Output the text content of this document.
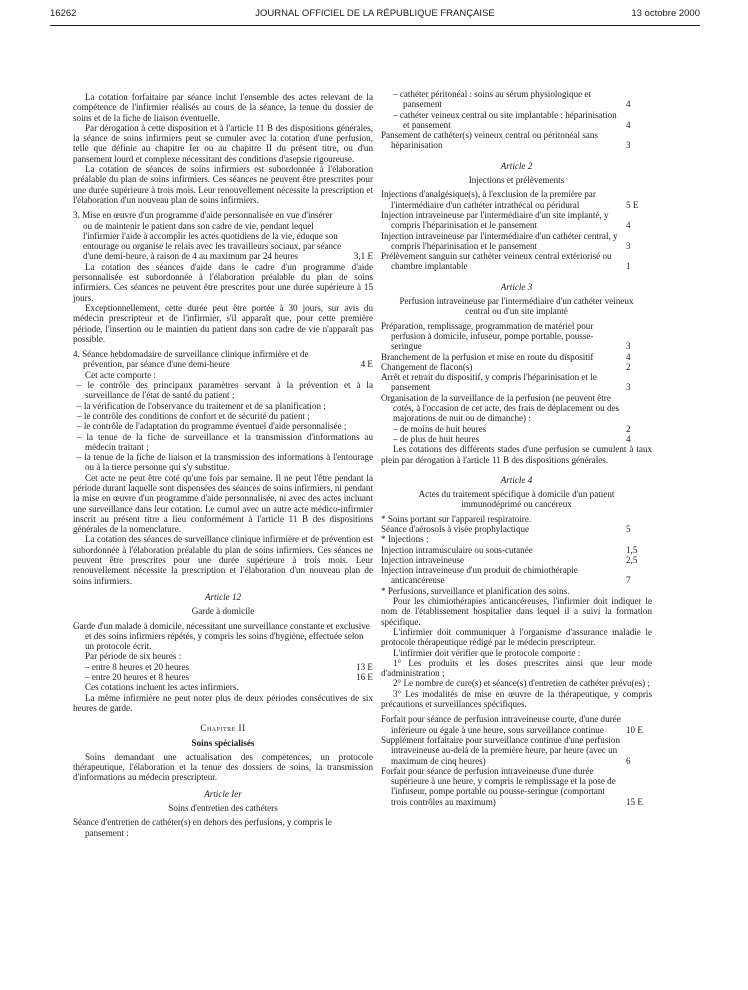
16262	JOURNAL OFFICIEL DE LA RÉPUBLIQUE FRANÇAISE	13 octobre 2000

La cotation forfaitaire par séance inclut l'ensemble des actes relevant de la compétence de l'infirmier réalisés au cours de la séance, la tenue du dossier de soins et de la fiche de liaison éventuelle.

Par dérogation à cette disposition et à l'article 11 B des dispositions générales, la séance de soins infirmiers peut se cumuler avec la cotation d'une perfusion, telle que définie au chapitre Ier ou au chapitre II du présent titre, ou d'un pansement lourd et complexe nécessitant des conditions d'asepsie rigoureuse.

La cotation de séances de soins infirmiers est subordonnée à l'élaboration préalable du plan de soins infirmiers. Ces séances ne peuvent être prescrites pour une durée supérieure à trois mois. Leur renouvellement nécessite la prescription et l'élaboration d'un nouveau plan de soins infirmiers.

3. Mise en œuvre d'un programme d'aide personnalisée en vue d'insérer ou de maintenir le patient dans son cadre de vie, pendant lequel l'infirmier l'aide à accomplir les actes quotidiens de la vie, éduque son entourage ou organise le relais avec les travailleurs sociaux, par séance d'une demi-heure, à raison de 4 au maximum par 24 heures	3,1 E

La cotation des séances d'aide dans le cadre d'un programme d'aide personnalisée est subordonnée à l'élaboration préalable du plan de soins infirmiers. Ces séances ne peuvent être prescrites pour une durée supérieure à 15 jours.

Exceptionnellement, cette durée peut être portée à 30 jours, sur avis du médecin prescripteur et de l'infirmier, s'il apparaît que, pour cette première période, l'insertion ou le maintien du patient dans son cadre de vie n'apparaît pas possible.

4. Séance hebdomadaire de surveillance clinique infirmière et de prévention, par séance d'une demi-heure	4 E

Cet acte comporte :

– le contrôle des principaux paramètres servant à la prévention et à la surveillance de l'état de santé du patient ;

– la vérification de l'observance du traitement et de sa planification ;

– le contrôle des conditions de confort et de sécurité du patient ;

– le contrôle de l'adaptation du programme éventuel d'aide personnalisée ;

– la tenue de la fiche de surveillance et la transmission d'informations au médecin traitant ;

– la tenue de la fiche de liaison et la transmission des informations à l'entourage ou à la tierce personne qui s'y substitue.

Cet acte ne peut être coté qu'une fois par semaine. Il ne peut l'être pendant la période durant laquelle sont dispensées des séances de soins infirmiers, ni pendant la mise en œuvre d'un programme d'aide personnalisée, ni avec des actes incluant une surveillance dans leur cotation. Le cumul avec un autre acte médico-infirmier inscrit au présent titre a lieu conformément à l'article 11 B des dispositions générales de la nomenclature.

La cotation des séances de surveillance clinique infirmière et de prévention est subordonnée à l'élaboration préalable du plan de soins infirmiers. Ces séances ne peuvent être prescrites pour une durée supérieure à trois mois. Leur renouvellement nécessite la prescription et l'élaboration d'un nouveau plan de soins infirmiers.

Article 12
Garde à domicile

Garde d'un malade à domicile, nécessitant une surveillance constante et exclusive et des soins infirmiers répétés, y compris les soins d'hygiène, effectuée selon un protocole écrit.

Par période de six heures :

– entre 8 heures et 20 heures	13 E
– entre 20 heures et 8 heures	16 E

Ces cotations incluent les actes infirmiers.

La même infirmière ne peut noter plus de deux périodes consécutives de six heures de garde.

Chapitre II
Soins spécialisés

Soins demandant une actualisation des compétences, un protocole thérapeutique, l'élaboration et la tenue des dossiers de soins, la transmission d'informations au médecin prescripteur.

Article Ier
Soins d'entretien des cathéters

Séance d'entretien de cathéter(s) en dehors des perfusions, y compris le pansement :

– cathéter péritonéal : soins au sérum physiologique et pansement	4
– cathéter veineux central ou site implantable : héparinisation et pansement	4
Pansement de cathéter(s) veineux central ou péritonéal sans héparinisation	3
Article 2
Injections et prélèvements
Injections d'analgésique(s), à l'exclusion de la première par l'intermédiaire d'un cathéter intrathécal ou péridural	5 E
Injection intraveineuse par l'intermédiaire d'un site implanté, y compris l'héparinisation et le pansement	4
Injection intraveineuse par l'intermédiaire d'un cathéter central, y compris l'héparinisation et le pansement	3
Prélèvement sanguin sur cathéter veineux central extériorisé ou chambre implantable	1
Article 3
Perfusion intraveineuse par l'intermédiaire d'un cathéter veineux central ou d'un site implanté
Préparation, remplissage, programmation de matériel pour perfusion à domicile, infuseur, pompe portable, pousse-seringue	3
Branchement de la perfusion et mise en route du dispositif	4
Changement de flacon(s)	2
Arrêt et retrait du dispositif, y compris l'héparinisation et le pansement	3

Organisation de la surveillance de la perfusion (ne peuvent être cotés, à l'occasion de cet acte, des frais de déplacement ou des majorations de nuit ou de dimanche) :

– de moins de huit heures	2
– de plus de huit heures	4

Les cotations des différents stades d'une perfusion se cumulent à taux plein par dérogation à l'article 11 B des dispositions générales.

Article 4
Actes du traitement spécifique à domicile d'un patient immunodéprimé ou cancéreux

* Soins portant sur l'appareil respiratoire.

Séance d'aérosols à visée prophylactique	5

* Injections :

Injection intramusculaire ou sous-cutanée	1,5
Injection intraveineuse	2,5
Injection intraveineuse d'un produit de chimiothérapie anticancéreuse	7

* Perfusions, surveillance et planification des soins.

Pour les chimiothérapies anticancéreuses, l'infirmier doit indiquer le nom de l'établissement hospitalier dans lequel il a suivi la formation spécifique.

L'infirmier doit communiquer à l'organisme d'assurance maladie le protocole thérapeutique rédigé par le médecin prescripteur.

L'infirmier doit vérifier que le protocole comporte :

1° Les produits et les doses prescrites ainsi que leur mode d'administration ;

2° Le nombre de cure(s) et séance(s) d'entretien de cathéter prévu(es) ;

3° Les modalités de mise en œuvre de la thérapeutique, y compris précautions et surveillances spécifiques.

Forfait pour séance de perfusion intraveineuse courte, d'une durée inférieure ou égale à une heure, sous surveillance continue	10 E
Supplément forfaitaire pour surveillance continue d'une perfusion intraveineuse au-delà de la première heure, par heure (avec un maximum de cinq heures)	6
Forfait pour séance de perfusion intraveineuse d'une durée supérieure à une heure, y compris le remplissage et la pose de l'infuseur, pompe portable ou pousse-seringue (comportant trois contrôles au maximum)	15 E
